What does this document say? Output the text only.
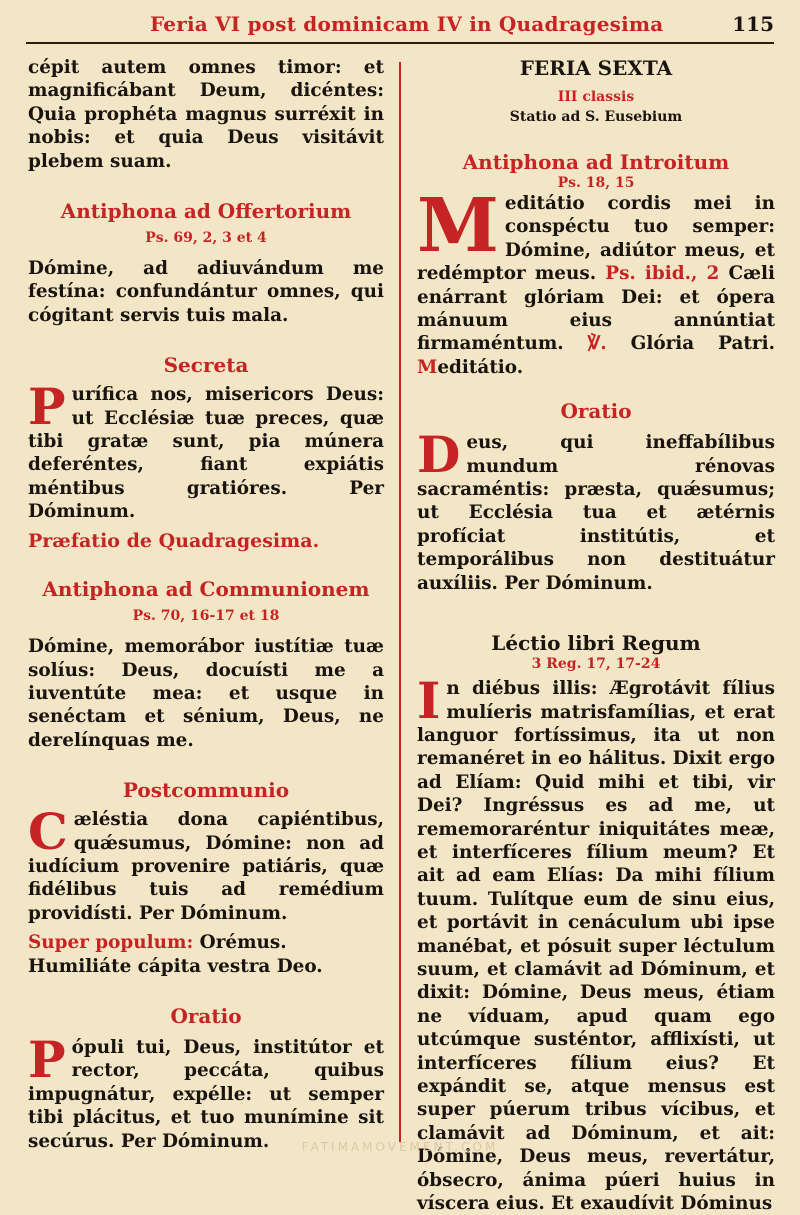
Feria VI post dominicam IV in Quadragesima	115

cépit autem omnes timor: et magnificábant Deum, dicéntes: Quia prophéta magnus surréxit in nobis: et quia Deus visitávit plebem suam.

Antiphona ad Offertorium

Ps. 69, 2, 3 et 4

Dómine, ad adiuvándum me festína: confundántur omnes, qui cógitant servis tuis mala.

Secreta

Purífica nos, misericors Deus: ut Ecclésiæ tuæ preces, quæ tibi gratæ sunt, pia múnera deferéntes, fiant expiátis méntibus gratióres. Per Dóminum.

Præfatio de Quadragesima.

Antiphona ad Communionem

Ps. 70, 16-17 et 18

Dómine, memorábor iustítiæ tuæ solíus: Deus, docuísti me a iuventúte mea: et usque in senéctam et sénium, Deus, ne derelínquas me.

Postcommunio

Cæléstia dona capiéntibus, quǽsumus, Dómine: non ad iudícium provenire patiáris, quæ fidélibus tuis ad remédium providísti. Per Dóminum.

Super populum: Orémus. Humiliáte cápita vestra Deo.

Oratio

Pópuli tui, Deus, institútor et rector, peccáta, quibus impugnátur, expélle: ut semper tibi plácitus, et tuo munímine sit secúrus. Per Dóminum.

FERIA SEXTA

III classis

Statio ad S. Eusebium

Antiphona ad Introitum

Ps. 18, 15

Meditátio cordis mei in conspéctu tuo semper: Dómine, adiútor meus, et redémptor meus. Ps. ibid., 2 Cæli enárrant glóriam Dei: et ópera mánuum eius annúntiat firmaméntum. ℣. Glória Patri. Meditátio.

Oratio

Deus, qui ineffabílibus mundum rénovas sacraméntis: præsta, quǽsumus; ut Ecclésia tua et ætérnis profíciat institútis, et temporálibus non destituátur auxíliis. Per Dóminum.

Léctio libri Regum

3 Reg. 17, 17-24

In diébus illis: Ægrotávit fílius mulíeris matrisfamílias, et erat languor fortíssimus, ita ut non remanéret in eo hálitus. Dixit ergo ad Elíam: Quid mihi et tibi, vir Dei? Ingréssus es ad me, ut rememoraréntur iniquitátes meæ, et interfíceres fílium meum? Et ait ad eam Elías: Da mihi fílium tuum. Tulítque eum de sinu eius, et portávit in cenáculum ubi ipse manébat, et pósuit super léctulum suum, et clamávit ad Dóminum, et dixit: Dómine, Deus meus, étiam ne víduam, apud quam ego utcúmque susténtor, afflixísti, ut interfíceres fílium eius? Et expándit se, atque mensus est super púerum tribus vícibus, et clamávit ad Dóminum, et ait: Dómine, Deus meus, revertátur, óbsecro, ánima púeri huius in víscera eius. Et exaudívit Dóminus

FATIMAMOVEMENT.COM
